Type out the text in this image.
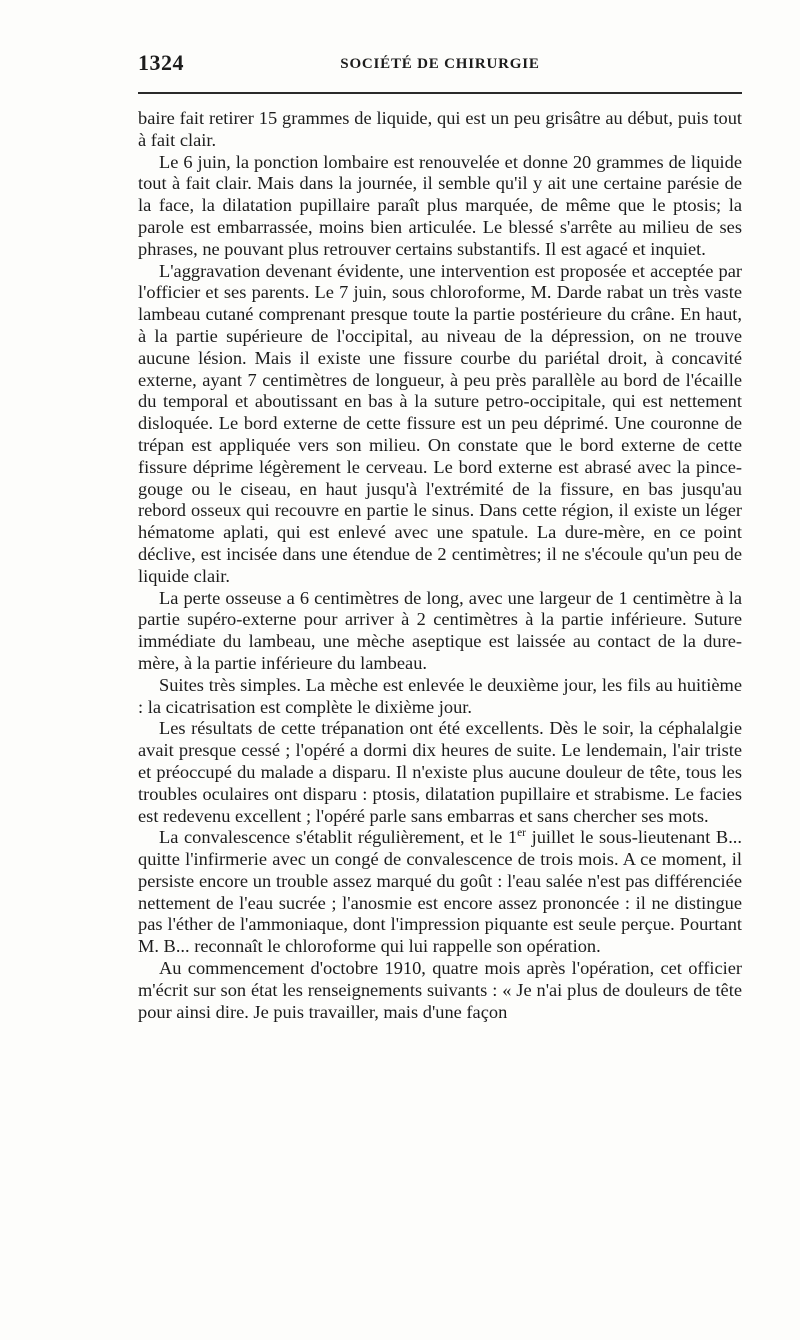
1324	SOCIÉTÉ DE CHIRURGIE

baire fait retirer 15 grammes de liquide, qui est un peu grisâtre au début, puis tout à fait clair.

Le 6 juin, la ponction lombaire est renouvelée et donne 20 grammes de liquide tout à fait clair. Mais dans la journée, il semble qu'il y ait une certaine parésie de la face, la dilatation pupillaire paraît plus marquée, de même que le ptosis; la parole est embarrassée, moins bien articulée. Le blessé s'arrête au milieu de ses phrases, ne pouvant plus retrouver certains substantifs. Il est agacé et inquiet.

L'aggravation devenant évidente, une intervention est proposée et acceptée par l'officier et ses parents. Le 7 juin, sous chloroforme, M. Darde rabat un très vaste lambeau cutané comprenant presque toute la partie postérieure du crâne. En haut, à la partie supérieure de l'occipital, au niveau de la dépression, on ne trouve aucune lésion. Mais il existe une fissure courbe du pariétal droit, à concavité externe, ayant 7 centimètres de longueur, à peu près parallèle au bord de l'écaille du temporal et aboutissant en bas à la suture petro-occipitale, qui est nettement disloquée. Le bord externe de cette fissure est un peu déprimé. Une couronne de trépan est appliquée vers son milieu. On constate que le bord externe de cette fissure déprime légèrement le cerveau. Le bord externe est abrasé avec la pince-gouge ou le ciseau, en haut jusqu'à l'extrémité de la fissure, en bas jusqu'au rebord osseux qui recouvre en partie le sinus. Dans cette région, il existe un léger hématome aplati, qui est enlevé avec une spatule. La dure-mère, en ce point déclive, est incisée dans une étendue de 2 centimètres; il ne s'écoule qu'un peu de liquide clair.

La perte osseuse a 6 centimètres de long, avec une largeur de 1 centimètre à la partie supéro-externe pour arriver à 2 centimètres à la partie inférieure. Suture immédiate du lambeau, une mèche aseptique est laissée au contact de la dure-mère, à la partie inférieure du lambeau.

Suites très simples. La mèche est enlevée le deuxième jour, les fils au huitième : la cicatrisation est complète le dixième jour.

Les résultats de cette trépanation ont été excellents. Dès le soir, la céphalalgie avait presque cessé ; l'opéré a dormi dix heures de suite. Le lendemain, l'air triste et préoccupé du malade a disparu. Il n'existe plus aucune douleur de tête, tous les troubles oculaires ont disparu : ptosis, dilatation pupillaire et strabisme. Le facies est redevenu excellent ; l'opéré parle sans embarras et sans chercher ses mots.

La convalescence s'établit régulièrement, et le 1er juillet le sous-lieutenant B... quitte l'infirmerie avec un congé de convalescence de trois mois. A ce moment, il persiste encore un trouble assez marqué du goût : l'eau salée n'est pas différenciée nettement de l'eau sucrée ; l'anosmie est encore assez prononcée : il ne distingue pas l'éther de l'ammoniaque, dont l'impression piquante est seule perçue. Pourtant M. B... reconnaît le chloroforme qui lui rappelle son opération.

Au commencement d'octobre 1910, quatre mois après l'opération, cet officier m'écrit sur son état les renseignements suivants : « Je n'ai plus de douleurs de tête pour ainsi dire. Je puis travailler, mais d'une façon
